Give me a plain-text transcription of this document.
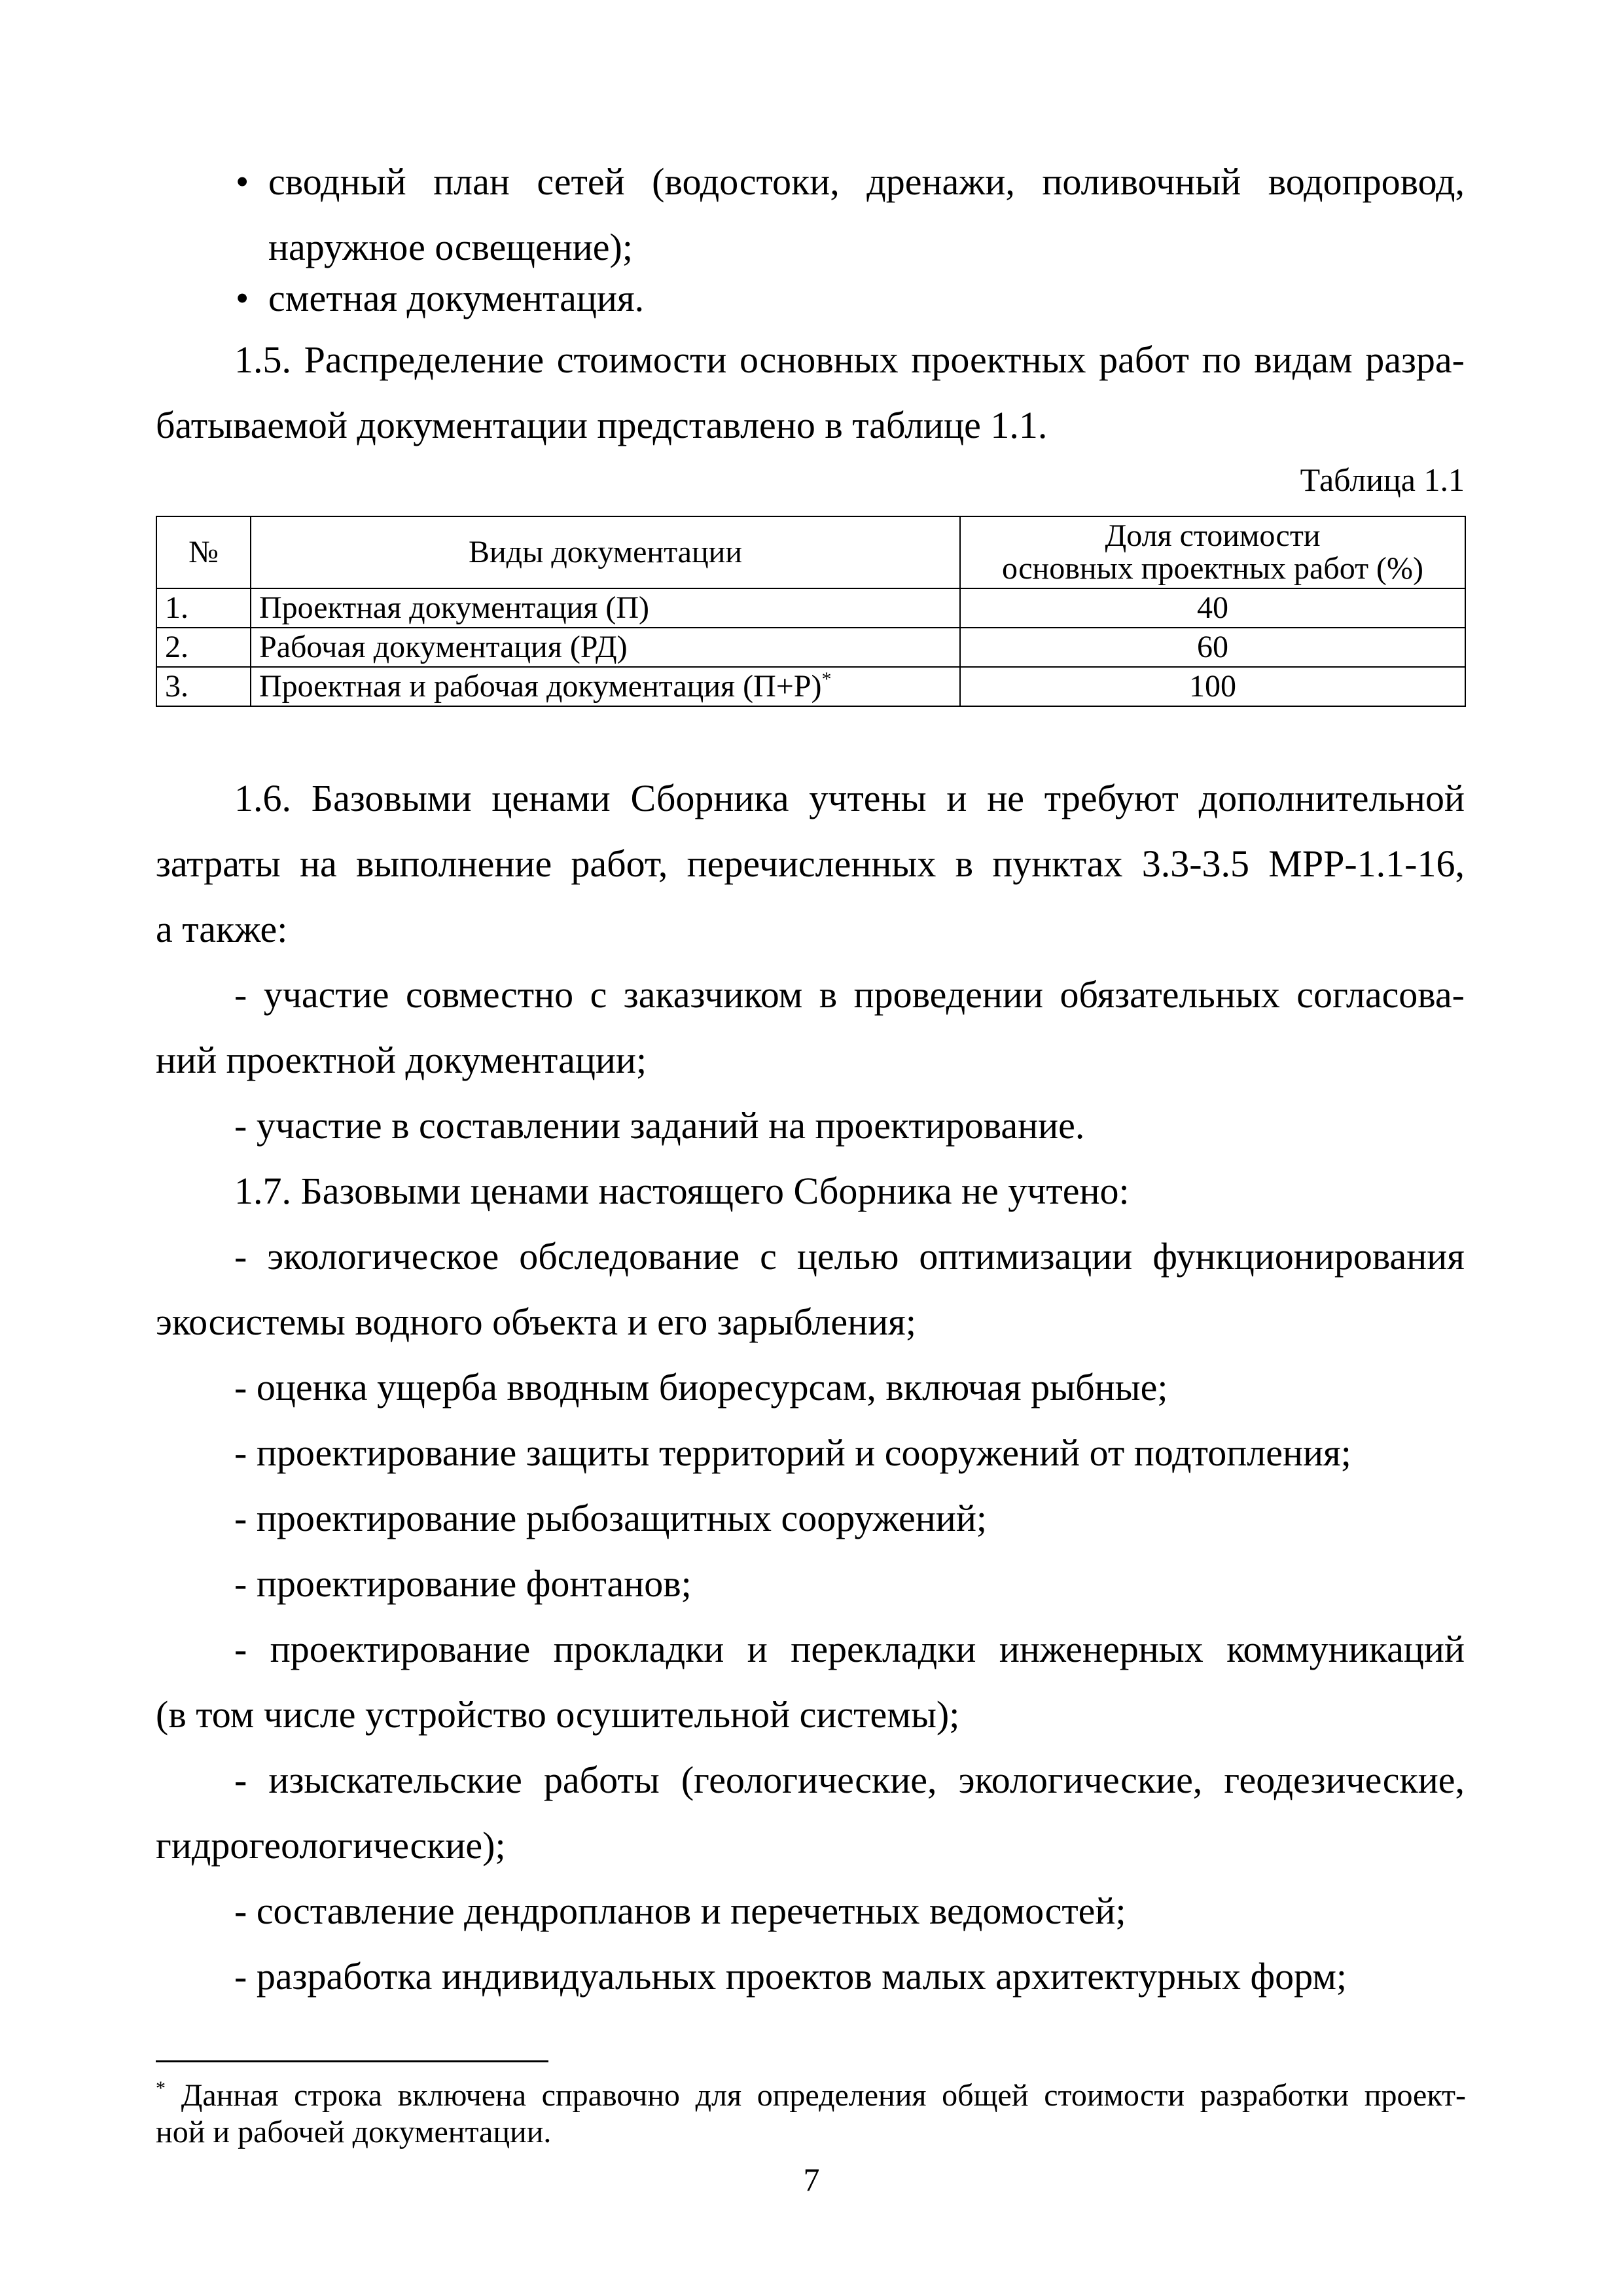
• сводный план сетей (водостоки, дренажи, поливочный водопровод,
наружное освещение);
• сметная документация.
1.5. Распределение стоимости основных проектных работ по видам разра-
батываемой документации представлено в таблице 1.1.
Таблица 1.1
№	Виды документации	Доля стоимости
основных проектных работ (%)

1.	Проектная документация (П)	40
2.	Рабочая документация (РД)	60
3.	Проектная и рабочая документация (П+Р)*	100
1.6. Базовыми ценами Сборника учтены и не требуют дополнительной
затраты на выполнение работ, перечисленных в пунктах 3.3-3.5 МРР-1.1-16,
а также:
- участие совместно с заказчиком в проведении обязательных согласова-
ний проектной документации;
- участие в составлении заданий на проектирование.
1.7. Базовыми ценами настоящего Сборника не учтено:
- экологическое обследование с целью оптимизации функционирования
экосистемы водного объекта и его зарыбления;
- оценка ущерба вводным биоресурсам, включая рыбные;
- проектирование защиты территорий и сооружений от подтопления;
- проектирование рыбозащитных сооружений;
- проектирование фонтанов;
- проектирование прокладки и перекладки инженерных коммуникаций
(в том числе устройство осушительной системы);
- изыскательские работы (геологические, экологические, геодезические,
гидрогеологические);
- составление дендропланов и перечетных ведомостей;
- разработка индивидуальных проектов малых архитектурных форм;
* Данная строка включена справочно для определения общей стоимости разработки проект-
ной и рабочей документации.
7
